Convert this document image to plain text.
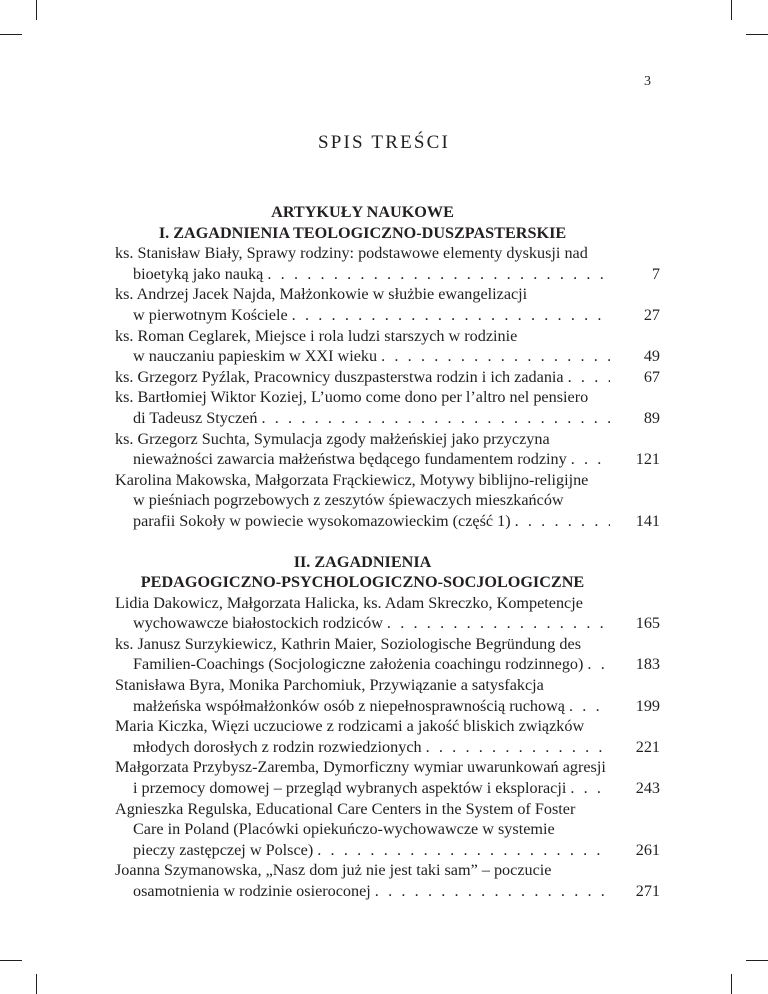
3
SPIS TREŚCI
ARTYKUŁY NAUKOWE
I. ZAGADNIENIA TEOLOGICZNO-DUSZPASTERSKIE
ks. Stanisław Biały, Sprawy rodziny: podstawowe elementy dyskusji nad
bioetyką jako nauką . . .	7
ks. Andrzej Jacek Najda, Małżonkowie w służbie ewangelizacji
w pierwotnym Kościele . . .	27
ks. Roman Ceglarek, Miejsce i rola ludzi starszych w rodzinie
w nauczaniu papieskim w XXI wieku . . .	49
ks. Grzegorz Pyźlak, Pracownicy duszpasterstwa rodzin i ich zadania . . .	67
ks. Bartłomiej Wiktor Koziej, L’uomo come dono per l’altro nel pensiero
di Tadeusz Styczeń . . .	89
ks. Grzegorz Suchta, Symulacja zgody małżeńskiej jako przyczyna
nieważności zawarcia małżeństwa będącego fundamentem rodziny . . .	121
Karolina Makowska, Małgorzata Frąckiewicz, Motywy biblijno-religijne
w pieśniach pogrzebowych z zeszytów śpiewaczych mieszkańców
parafii Sokoły w powiecie wysokomazowieckim (część 1) . . .	141
II. ZAGADNIENIA
PEDAGOGICZNO-PSYCHOLOGICZNO-SOCJOLOGICZNE
Lidia Dakowicz, Małgorzata Halicka, ks. Adam Skreczko, Kompetencje
wychowawcze białostockich rodziców . . .	165
ks. Janusz Surzykiewicz, Kathrin Maier, Soziologische Begründung des
Familien-Coachings (Socjologiczne założenia coachingu rodzinnego) . . .	183
Stanisława Byra, Monika Parchomiuk, Przywiązanie a satysfakcja
małżeńska współmałżonków osób z niepełnosprawnością ruchową . . .	199
Maria Kiczka, Więzi uczuciowe z rodzicami a jakość bliskich związków
młodych dorosłych z rodzin rozwiedzionych . . .	221
Małgorzata Przybysz-Zaremba, Dymorficzny wymiar uwarunkowań agresji
i przemocy domowej – przegląd wybranych aspektów i eksploracji . . .	243
Agnieszka Regulska, Educational Care Centers in the System of Foster
Care in Poland (Placówki opiekuńczo-wychowawcze w systemie
pieczy zastępczej w Polsce) . . .	261
Joanna Szymanowska, „Nasz dom już nie jest taki sam” – poczucie
osamotnienia w rodzinie osieroconej . . .	271
